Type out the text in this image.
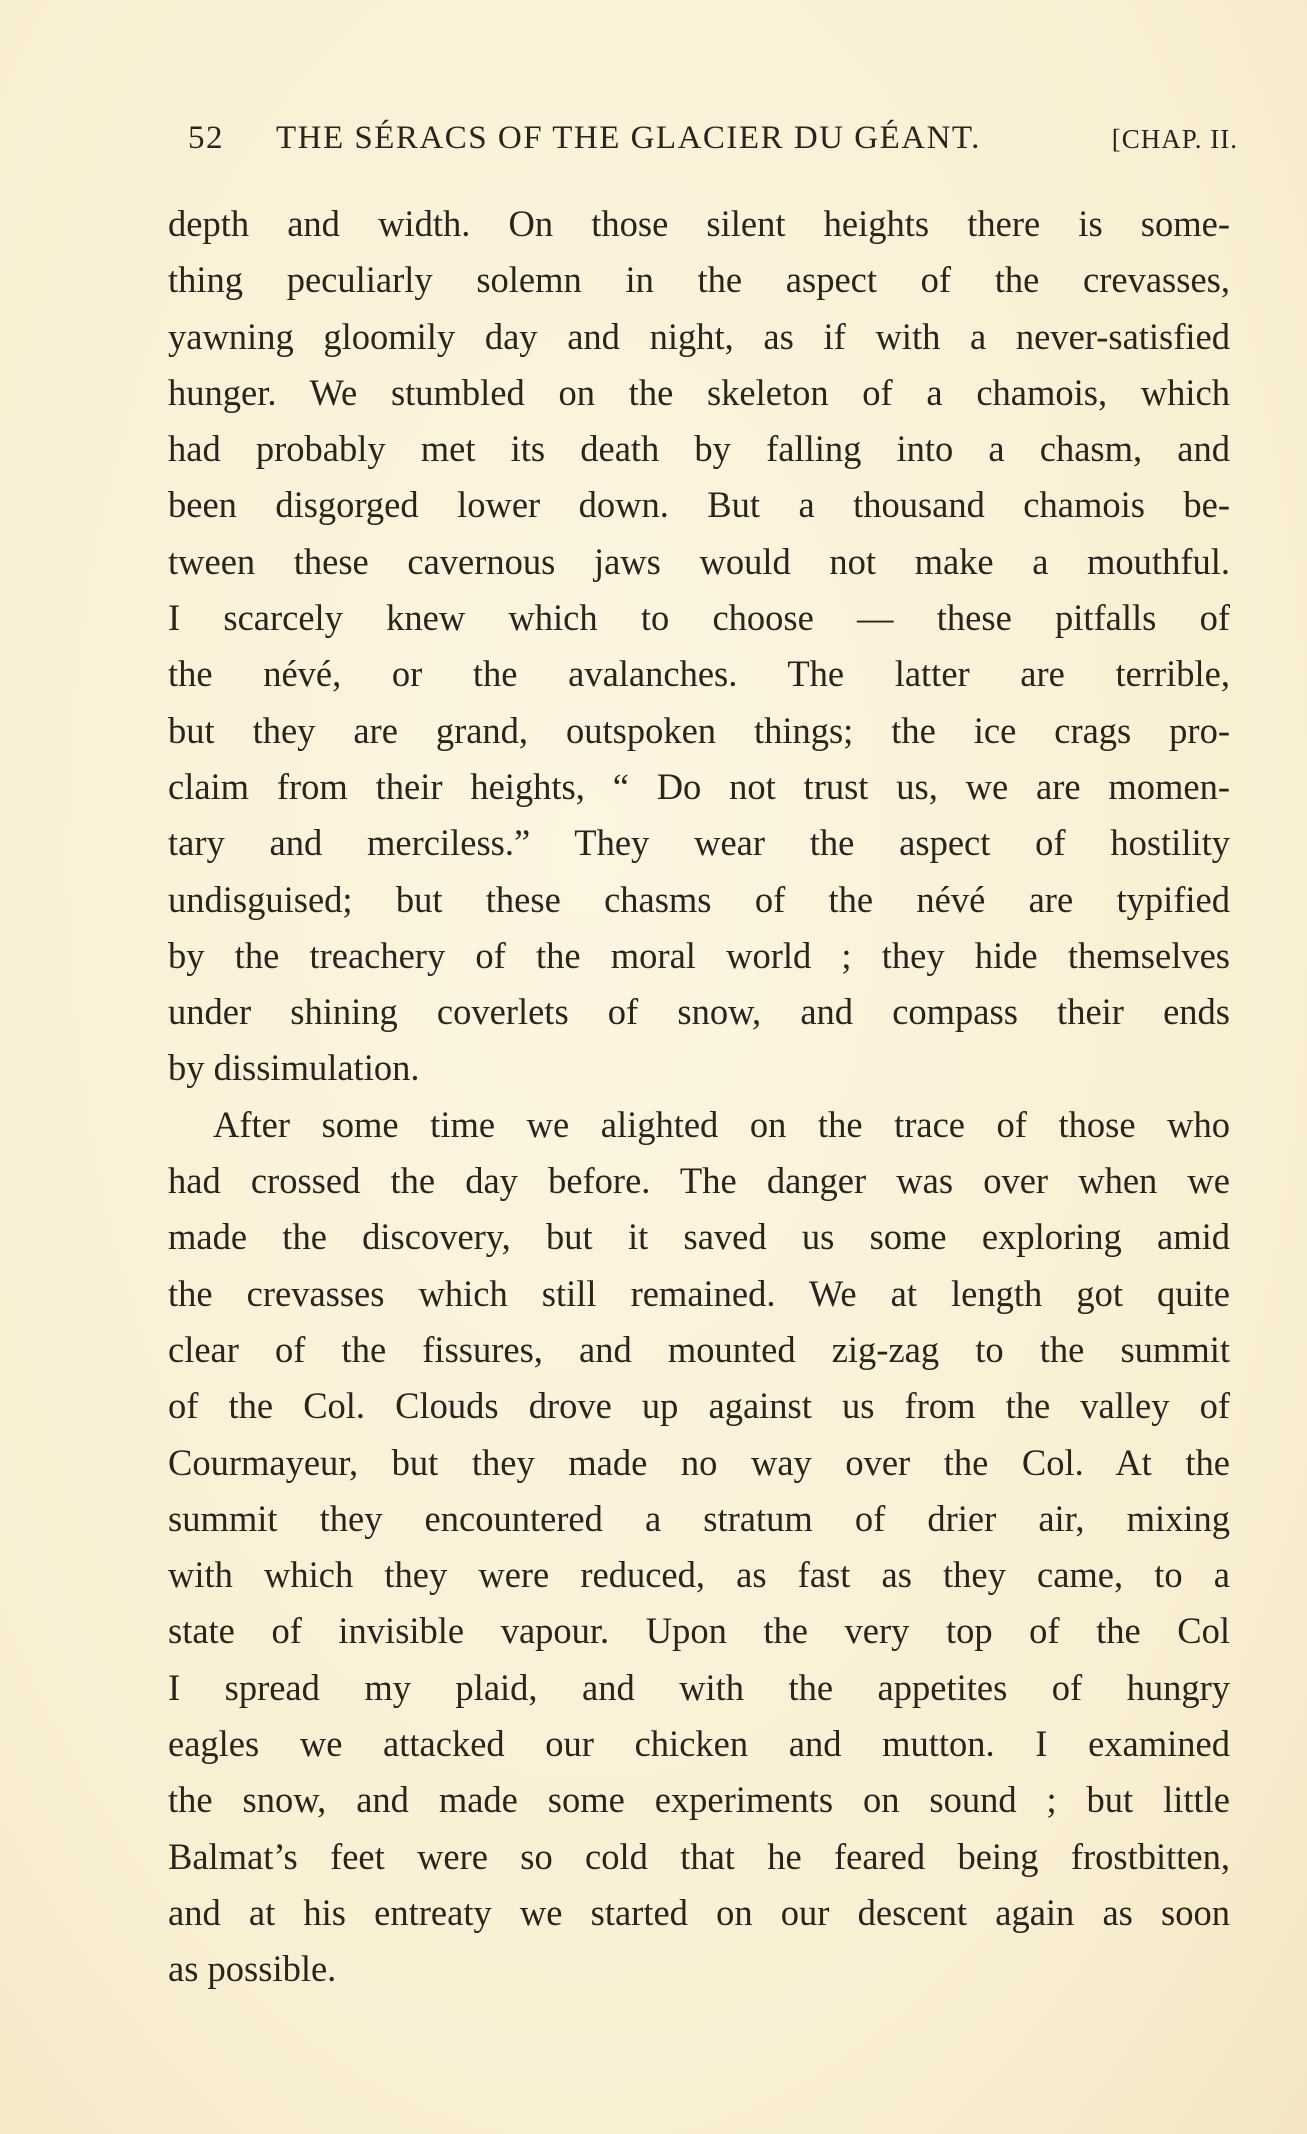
52 THE SÉRACS OF THE GLACIER DU GÉANT.	[CHAP. II.
depth and width. On those silent heights there is some-
thing peculiarly solemn in the aspect of the crevasses,
yawning gloomily day and night, as if with a never-satisfied
hunger. We stumbled on the skeleton of a chamois, which
had probably met its death by falling into a chasm, and
been disgorged lower down. But a thousand chamois be-
tween these cavernous jaws would not make a mouthful.
I scarcely knew which to choose — these pitfalls of
the névé, or the avalanches. The latter are terrible,
but they are grand, outspoken things; the ice crags pro-
claim from their heights, “ Do not trust us, we are momen-
tary and merciless.” They wear the aspect of hostility
undisguised; but these chasms of the névé are typified
by the treachery of the moral world ; they hide themselves
under shining coverlets of snow, and compass their ends
by dissimulation.
After some time we alighted on the trace of those who
had crossed the day before. The danger was over when we
made the discovery, but it saved us some exploring amid
the crevasses which still remained. We at length got quite
clear of the fissures, and mounted zig-zag to the summit
of the Col. Clouds drove up against us from the valley of
Courmayeur, but they made no way over the Col. At the
summit they encountered a stratum of drier air, mixing
with which they were reduced, as fast as they came, to a
state of invisible vapour. Upon the very top of the Col
I spread my plaid, and with the appetites of hungry
eagles we attacked our chicken and mutton. I examined
the snow, and made some experiments on sound ; but little
Balmat’s feet were so cold that he feared being frostbitten,
and at his entreaty we started on our descent again as soon
as possible.
